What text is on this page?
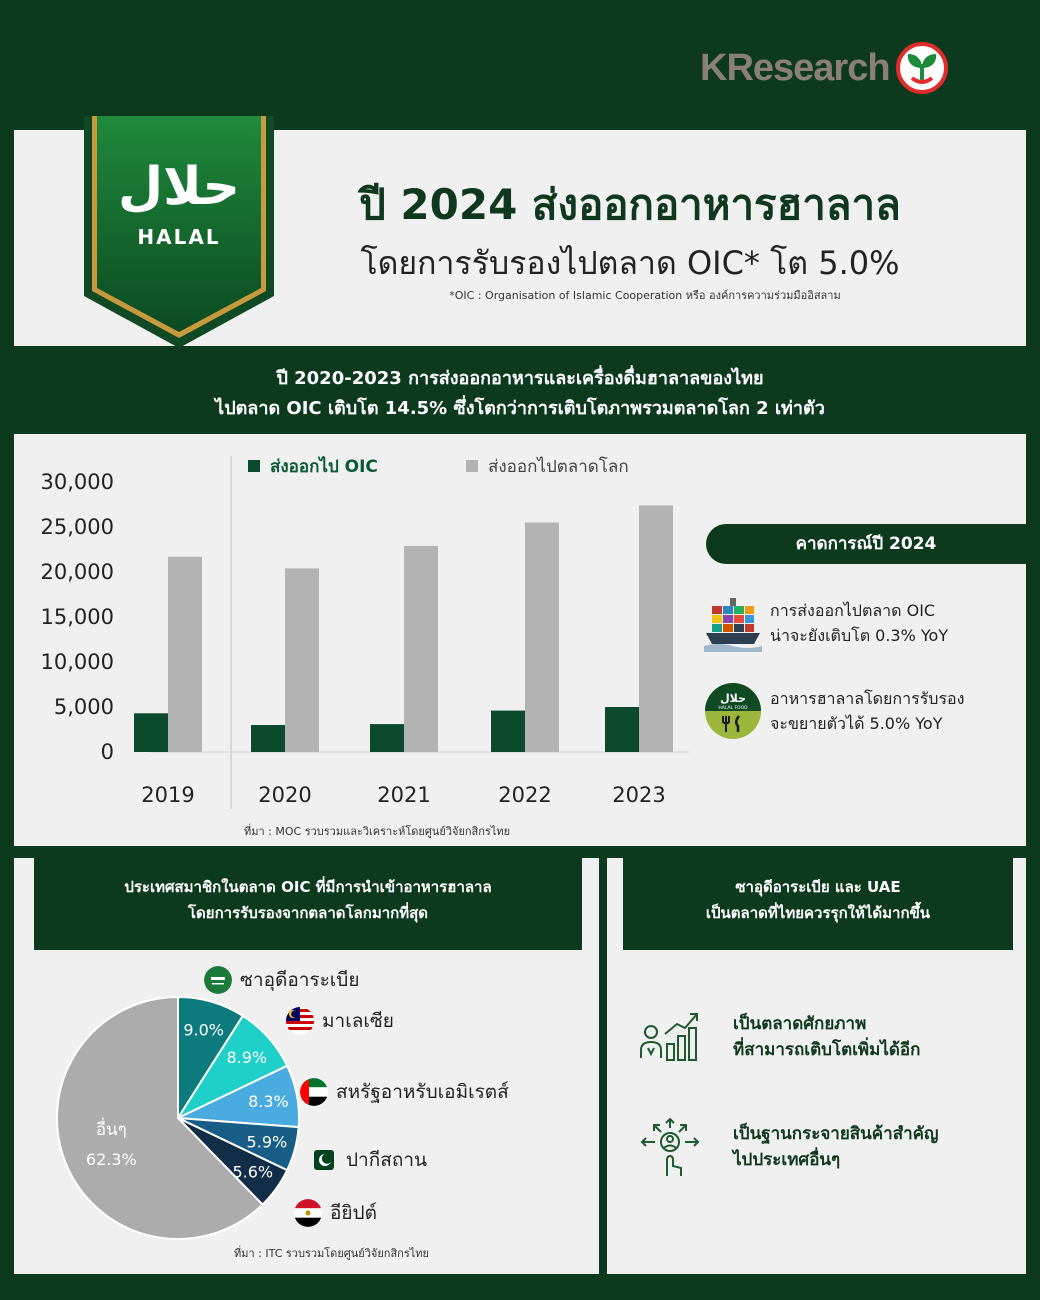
KResearch
حلال
HALAL
ปี 2024 ส่งออกอาหารฮาลาล
โดยการรับรองไปตลาด OIC* โต 5.0%
*OIC : Organisation of Islamic Cooperation หรือ องค์การความร่วมมืออิสลาม
ปี 2020-2023 การส่งออกอาหารและเครื่องดื่มฮาลาลของไทย
ไปตลาด OIC เติบโต 14.5% ซึ่งโตกว่าการเติบโตภาพรวมตลาดโลก 2 เท่าตัว
0
5,000
10,000
15,000
20,000
25,000
30,000
ส่งออกไป OIC	ส่งออกไปตลาดโลก
2019	2020	2021	2022	2023
ที่มา : MOC รวบรวมและวิเคราะห์โดยศูนย์วิจัยกสิกรไทย
คาดการณ์ปี 2024
การส่งออกไปตลาด OIC
น่าจะยังเติบโต 0.3% YoY
حلال
HALAL FOOD
อาหารฮาลาลโดยการรับรอง
จะขยายตัวได้ 5.0% YoY
ประเทศสมาชิกในตลาด OIC ที่มีการนำเข้าอาหารฮาลาล
โดยการรับรองจากตลาดโลกมากที่สุด
9.0%
8.9%
8.3%
5.9%
5.6%
อื่นๆ
62.3%
ซาอุดีอาระเบีย
มาเลเซีย
สหรัฐอาหรับเอมิเรตส์
ปากีสถาน
อียิปต์
ที่มา : ITC รวบรวมโดยศูนย์วิจัยกสิกรไทย
ซาอุดีอาระเบีย และ UAE
เป็นตลาดที่ไทยควรรุกให้ได้มากขึ้น
เป็นตลาดศักยภาพ
ที่สามารถเติบโตเพิ่มได้อีก
เป็นฐานกระจายสินค้าสำคัญ
ไปประเทศอื่นๆ
